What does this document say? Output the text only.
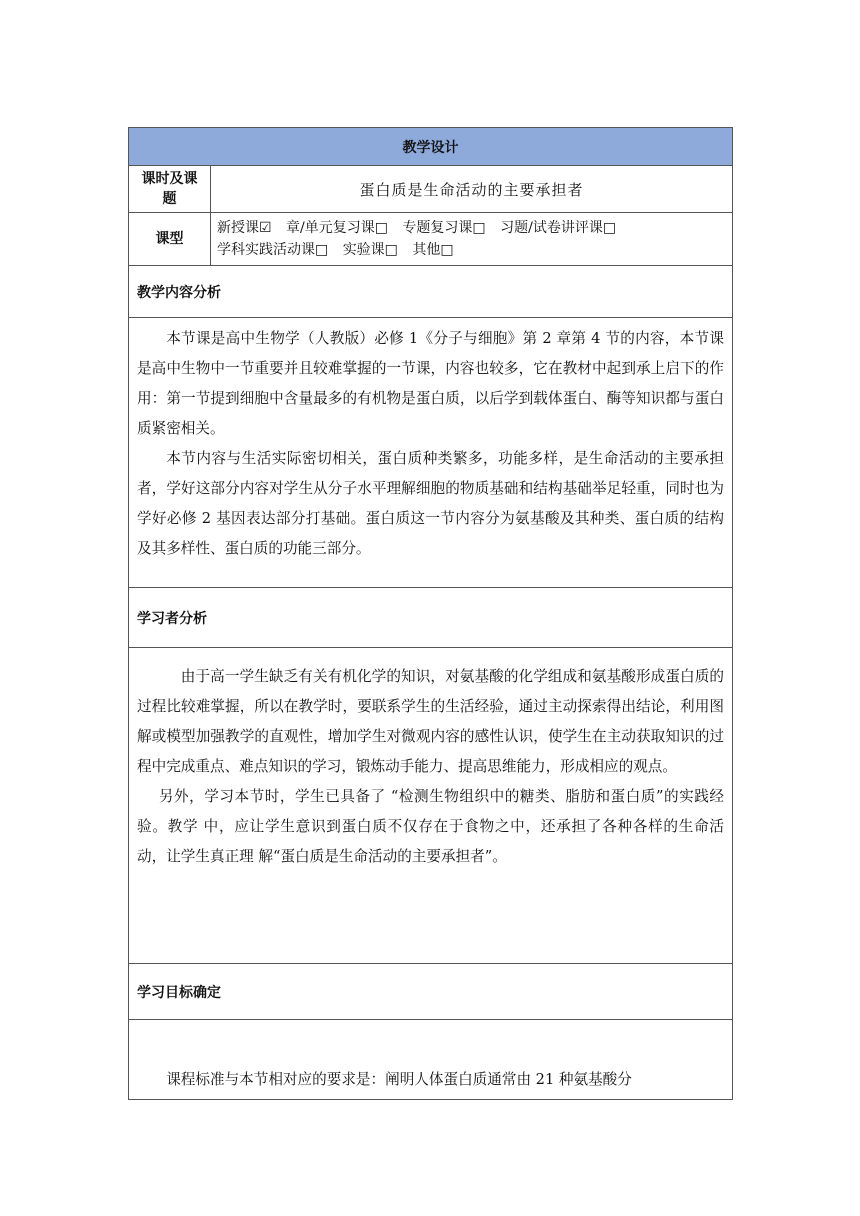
教学设计	

课时及课
题	蛋白质是生命活动的主要承担者
课型	新授课☑ 章/单元复习课□ 专题复习课□ 习题/试卷讲评课□ 学科实践活动课□ 实验课□ 其他□
教学内容分析	

本节课是高中生物学（人教版）必修 1《分子与细胞》第 2 章第 4 节的内容，本节课是高中生物中一节重要并且较难掌握的一节课，内容也较多，它在教材中起到承上启下的作用：第一节提到细胞中含量最多的有机物是蛋白质，以后学到载体蛋白、酶等知识都与蛋白质紧密相关。

本节内容与生活实际密切相关，蛋白质种类繁多，功能多样，是生命活动的主要承担者，学好这部分内容对学生从分子水平理解细胞的物质基础和结构基础举足轻重，同时也为学好必修 2 基因表达部分打基础。蛋白质这一节内容分为氨基酸及其种类、蛋白质的结构及其多样性、蛋白质的功能三部分。	

学习者分析	

由于高一学生缺乏有关有机化学的知识，对氨基酸的化学组成和氨基酸形成蛋白质的过程比较难掌握，所以在教学时，要联系学生的生活经验，通过主动探索得出结论，利用图解或模型加强教学的直观性，增加学生对微观内容的感性认识，使学生在主动获取知识的过程中完成重点、难点知识的学习，锻炼动手能力、提高思维能力，形成相应的观点。

另外，学习本节时，学生已具备了 “检测生物组织中的糖类、脂肪和蛋白质”的实践经验。教学 中，应让学生意识到蛋白质不仅存在于食物之中，还承担了各种各样的生命活动，让学生真正理 解“蛋白质是生命活动的主要承担者”。	

学习目标确定	

课程标准与本节相对应的要求是：阐明人体蛋白质通常由 21 种氨基酸分	
